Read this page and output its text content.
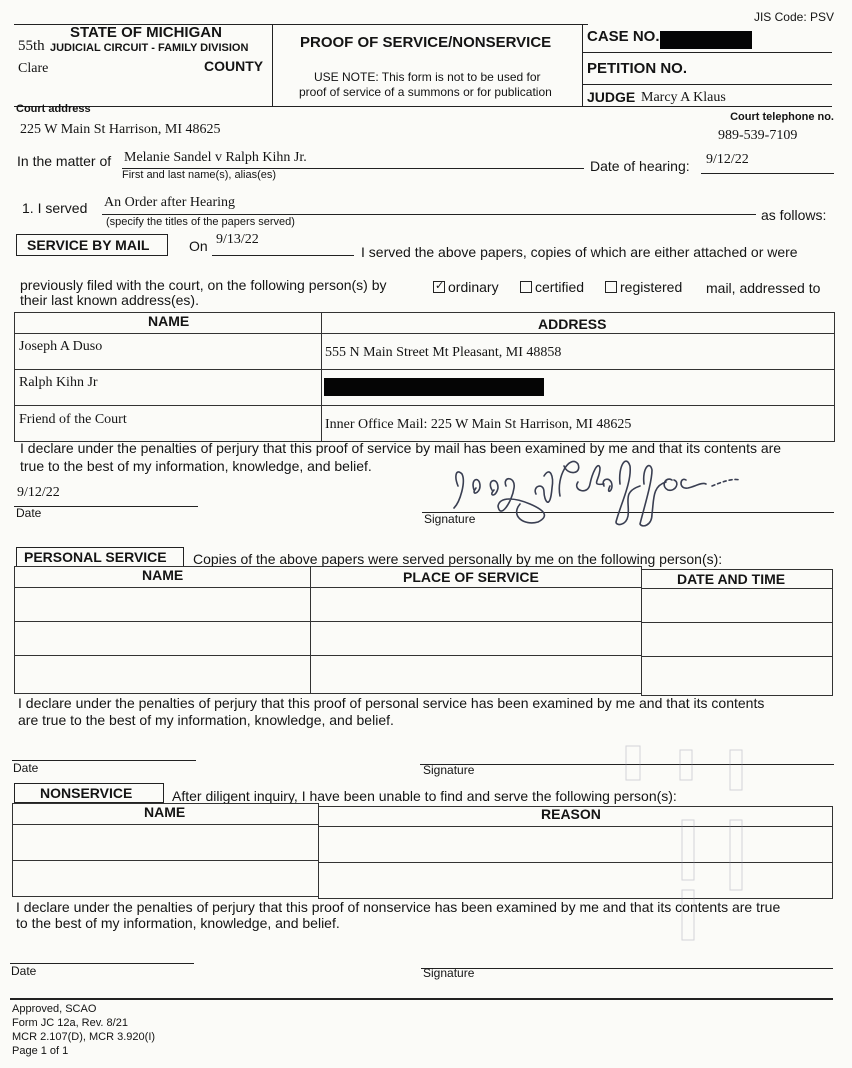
JIS Code: PSV
STATE OF MICHIGAN
55th JUDICIAL CIRCUIT - FAMILY DIVISION
Clare	COUNTY
PROOF OF SERVICE/NONSERVICE
USE NOTE: This form is not to be used for
proof of service of a summons or for publication
CASE NO.
PETITION NO.
JUDGE Marcy A Klaus
Court address
225 W Main St Harrison, MI 48625
Court telephone no.
989-539-7109
In the matter of Melanie Sandel v Ralph Kihn Jr.
First and last name(s), alias(es)
Date of hearing: 9/12/22
1. I served An Order after Hearing
(specify the titles of the papers served)	as follows:
SERVICE BY MAIL	On 9/13/22
I served the above papers, copies of which are either attached or were
previously filed with the court, on the following person(s) by
✓	ordinary	certified	registered mail, addressed to
their last known address(es).
NAME	ADDRESS
Joseph A Duso	555 N Main Street Mt Pleasant, MI 48858
Ralph Kihn Jr
Friend of the Court	Inner Office Mail: 225 W Main St Harrison, MI 48625
I declare under the penalties of perjury that this proof of service by mail has been examined by me and that its contents are
true to the best of my information, knowledge, and belief.
9/12/22
Date	Signature
PERSONAL SERVICE	Copies of the above papers were served personally by me on the following person(s):
NAME	PLACE OF SERVICE	DATE AND TIME
I declare under the penalties of perjury that this proof of personal service has been examined by me and that its contents
are true to the best of my information, knowledge, and belief.
Date	Signature
NONSERVICE	After diligent inquiry, I have been unable to find and serve the following person(s):
NAME	REASON
I declare under the penalties of perjury that this proof of nonservice has been examined by me and that its contents are true
to the best of my information, knowledge, and belief.
Date	Signature
Approved, SCAO
Form JC 12a, Rev. 8/21
MCR 2.107(D), MCR 3.920(I)
Page 1 of 1
